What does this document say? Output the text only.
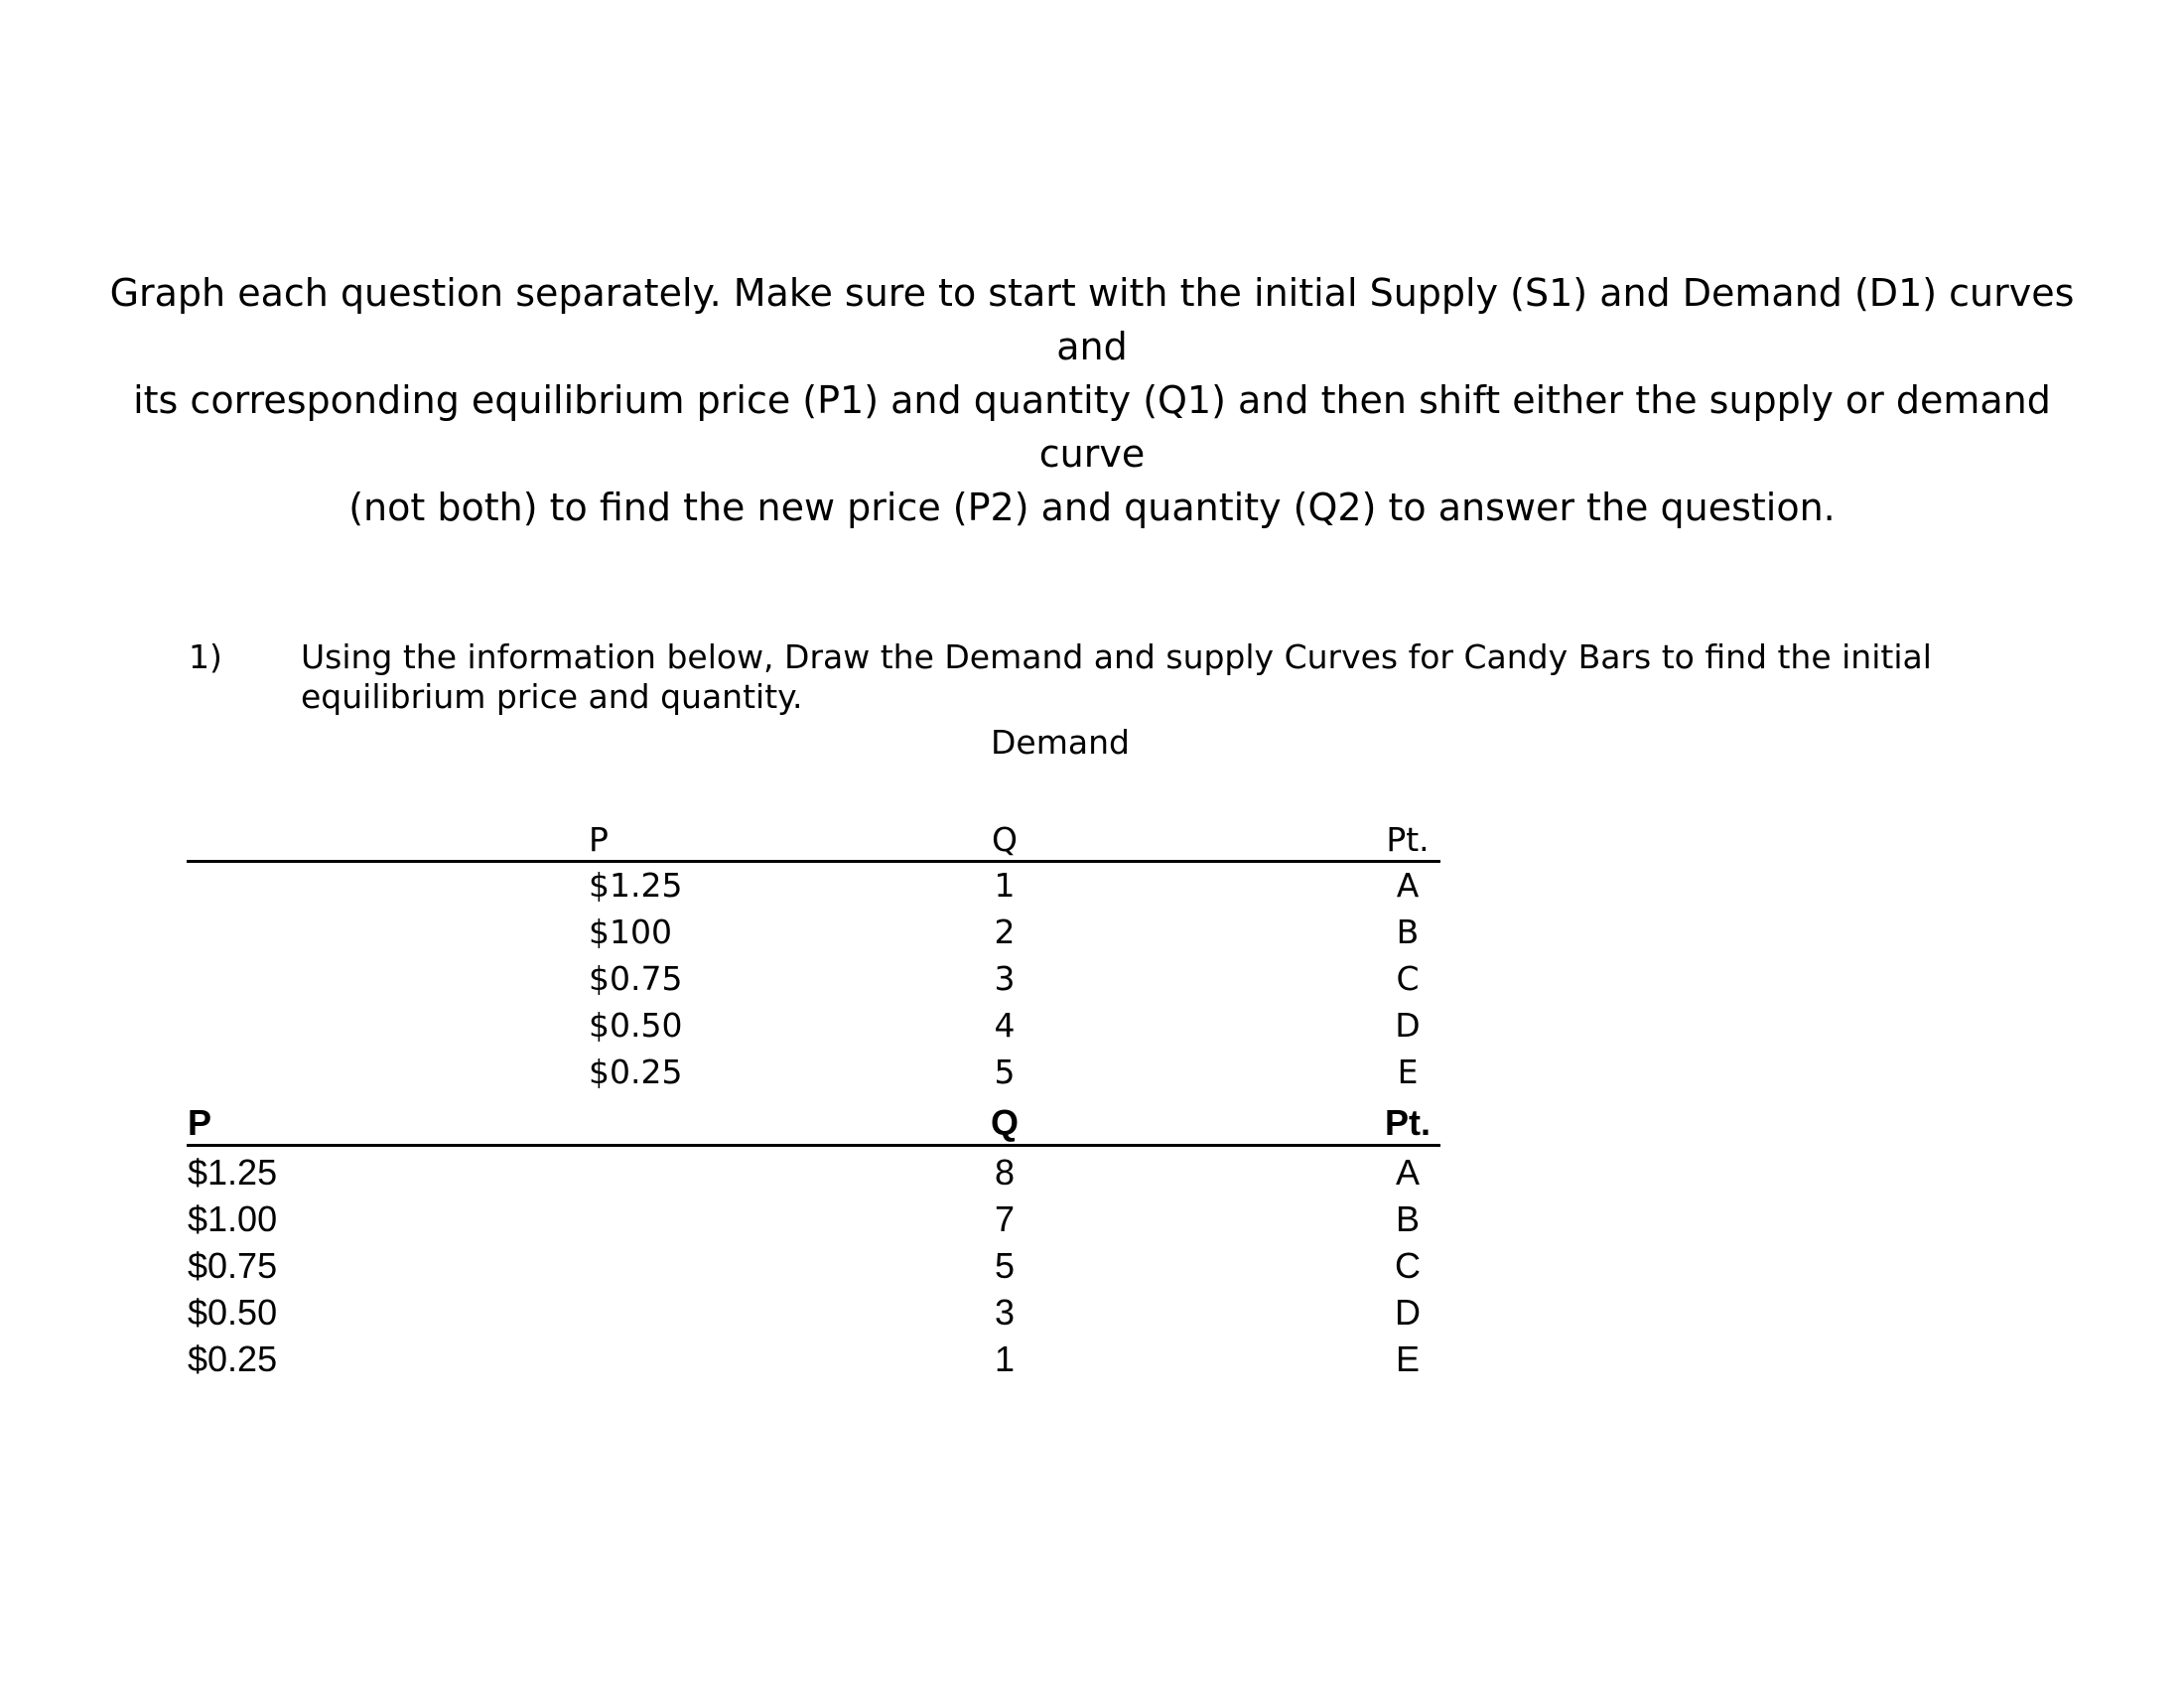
Graph each question separately. Make sure to start with the initial Supply (S1) and Demand (D1) curves and
its corresponding equilibrium price (P1) and quantity (Q1) and then shift either the supply or demand curve
(not both) to find the new price (P2) and quantity (Q2) to answer the question.
1) Using the information below, Draw the Demand and supply Curves for Candy Bars to find the initial
equilibrium price and quantity.
Demand
P	Q	Pt.
$1.25	1	A
$100	2	B
$0.75	3	C
$0.50	4	D
$0.25	5	E
P	Q	Pt.
$1.25	8	A
$1.00	7	B
$0.75	5	C
$0.50	3	D
$0.25	1	E
